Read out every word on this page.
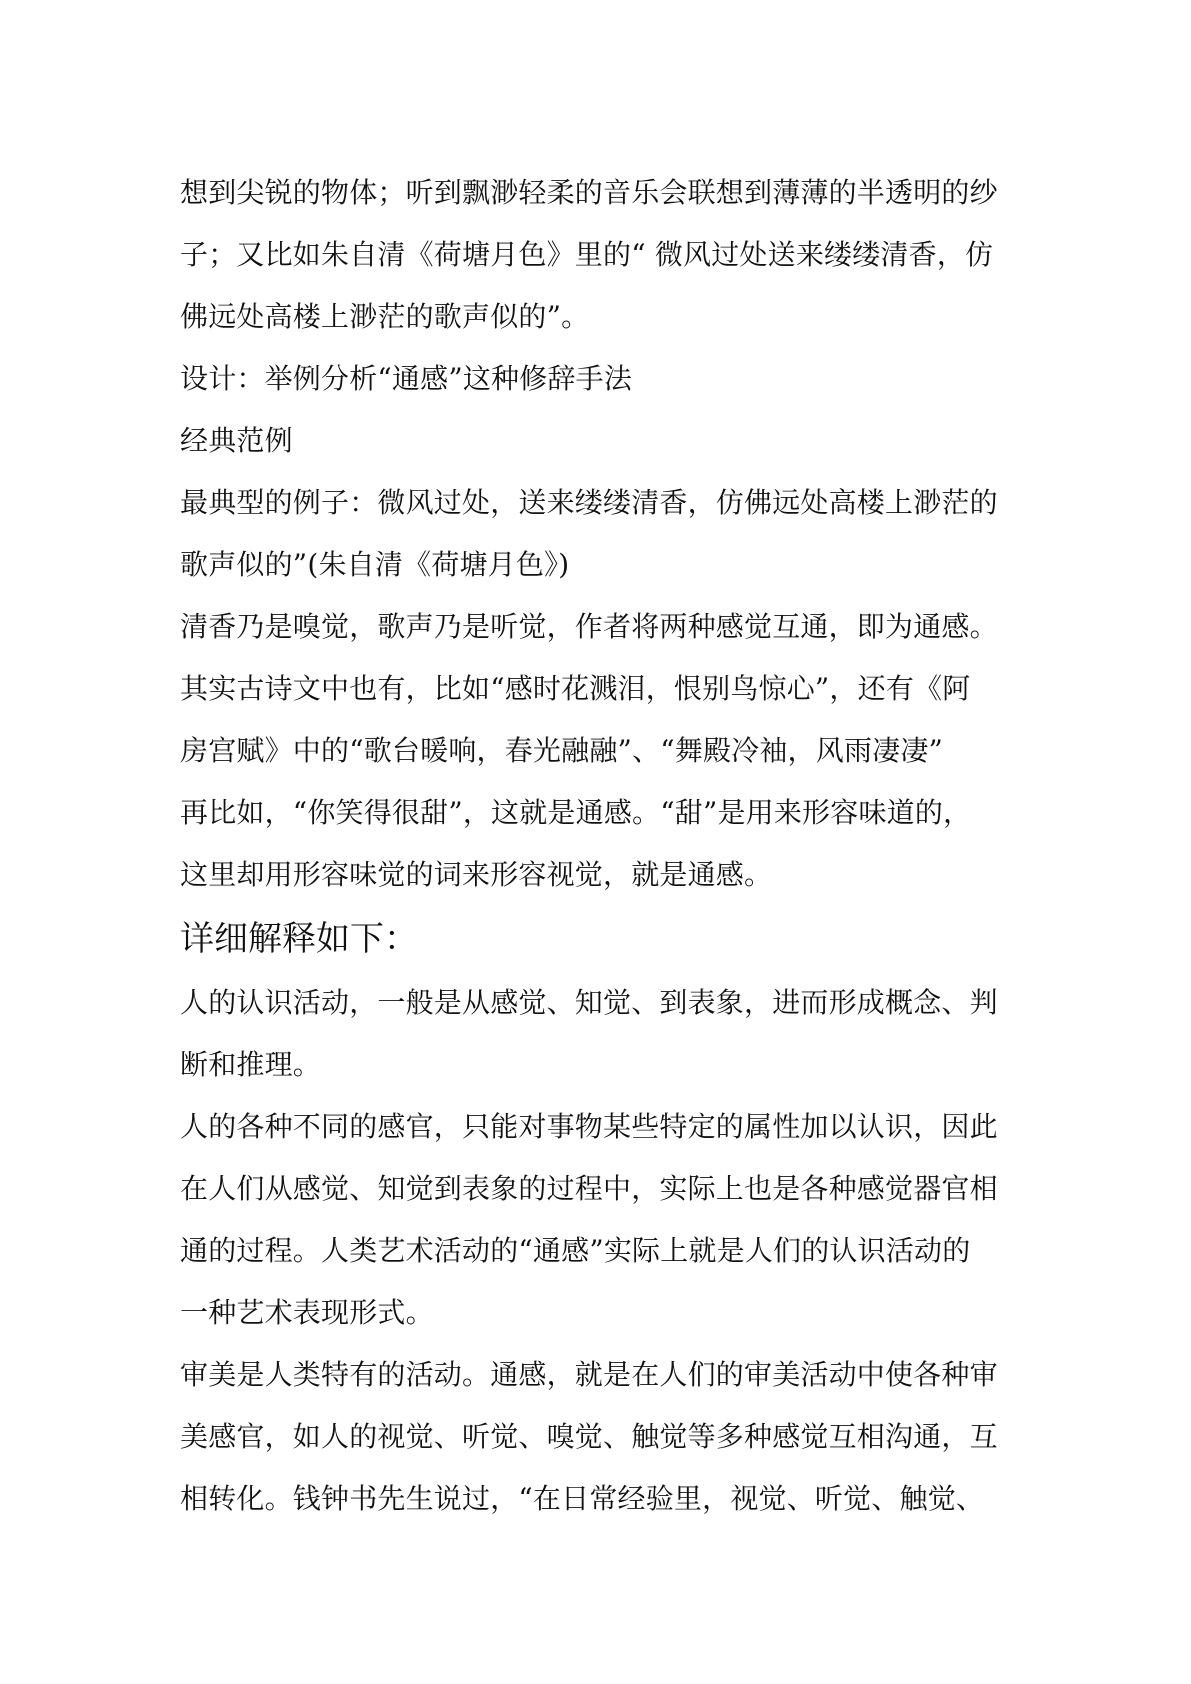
想到尖锐的物体；听到飘渺轻柔的音乐会联想到薄薄的半透明的纱
子；又比如朱自清《荷塘月色》里的“ 微风过处送来缕缕清香，仿
佛远处高楼上渺茫的歌声似的”。
设计：举例分析“通感”这种修辞手法
经典范例
最典型的例子：微风过处，送来缕缕清香，仿佛远处高楼上渺茫的
歌声似的”(朱自清《荷塘月色》)
清香乃是嗅觉，歌声乃是听觉，作者将两种感觉互通，即为通感。
其实古诗文中也有，比如“感时花溅泪，恨别鸟惊心”，还有《阿
房宫赋》中的“歌台暖响，春光融融”、“舞殿冷袖，风雨凄凄”
再比如，“你笑得很甜”，这就是通感。“甜”是用来形容味道的，
这里却用形容味觉的词来形容视觉，就是通感。
详细解释如下：
人的认识活动，一般是从感觉、知觉、到表象，进而形成概念、判
断和推理。
人的各种不同的感官，只能对事物某些特定的属性加以认识，因此
在人们从感觉、知觉到表象的过程中，实际上也是各种感觉器官相
通的过程。人类艺术活动的“通感”实际上就是人们的认识活动的
一种艺术表现形式。
审美是人类特有的活动。通感，就是在人们的审美活动中使各种审
美感官，如人的视觉、听觉、嗅觉、触觉等多种感觉互相沟通，互
相转化。钱钟书先生说过，“在日常经验里，视觉、听觉、触觉、
